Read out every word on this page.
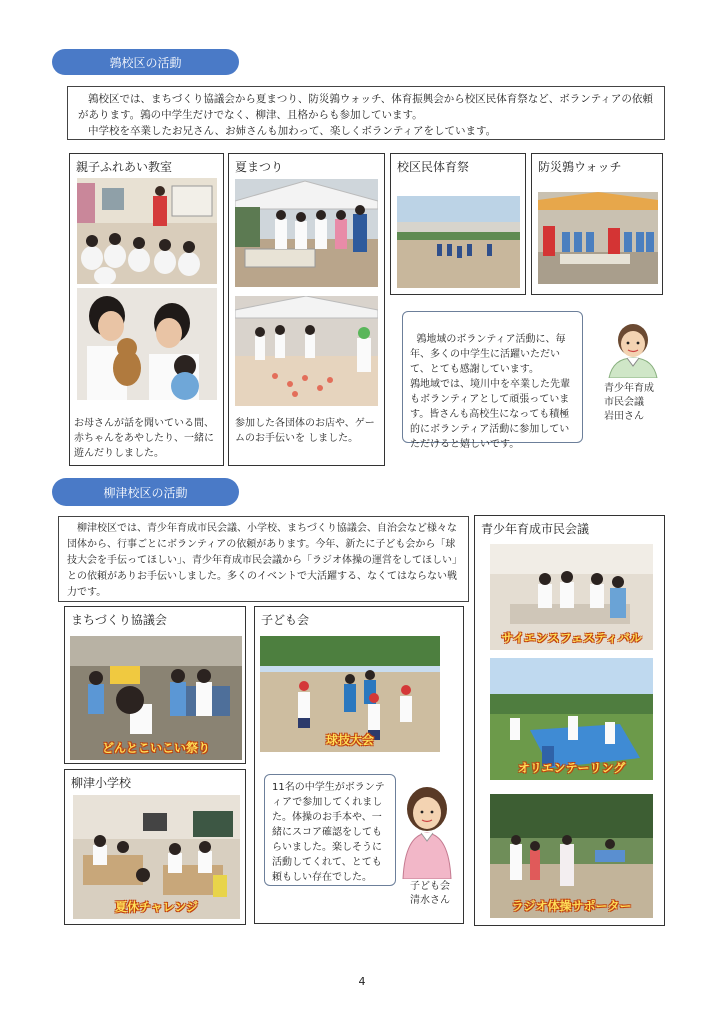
鶉校区の活動
鶉校区では、まちづくり協議会から夏まつり、防災鶉ウォッチ、体育振興会から校区民体育祭など、ボランティアの依頼
があります。鶉の中学生だけでなく、柳津、且格からも参加しています。
中学校を卒業したお兄さん、お姉さんも加わって、楽しくボランティアをしています。
親子ふれあい教室
お母さんが話を聞いている間、赤ちゃんをあやしたり、一緒に遊んだりしました。
夏まつり
参加した各団体のお店や、ゲームのお手伝いを しました。
校区民体育祭	防災鶉ウォッチ

鶉地域のボランティア活動に、毎年、多くの中学生に活躍いただいて、とても感謝しています。
鶉地域では、境川中を卒業した先輩もボランティアとして頑張っています。皆さんも高校生になっても積極的にボランティア活動に参加していただけると嬉しいです。

青少年育成
市民会議
岩田さん
柳津校区の活動
柳津校区では、青少年育成市民会議、小学校、まちづくり協議会、自治会など様々な団体から、行事ごとにボランティアの依頼があります。今年、新たに子ども会から「球技大会を手伝ってほしい」、青少年育成市民会議から「ラジオ体操の運営をしてほしい」との依頼がありお手伝いしました。多くのイベントで大活躍する、なくてはならない戦力です。
青少年育成市民会議
サイエンスフェスティバル
オリエンテーリング
ラジオ体操サポーター
まちづくり協議会
どんとこいこい祭り
子ども会
球技大会
11名の中学生がボランティアで参加してくれました。体操のお手本や、一緒にスコア確認をしてもらいました。楽しそうに活動してくれて、とても頼もしい存在でした。
子ども会
清水さん
柳津小学校
夏休チャレンジ
4
